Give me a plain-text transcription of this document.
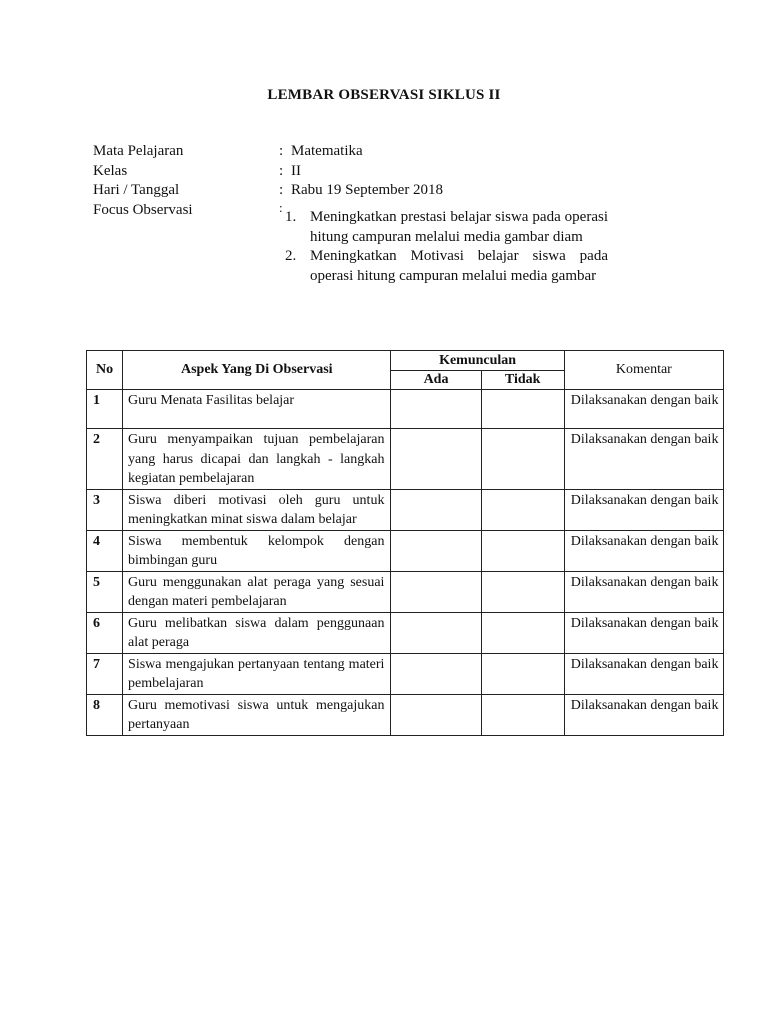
LEMBAR OBSERVASI SIKLUS II
Mata Pelajaran	: Matematika
Kelas	: II
Hari / Tanggal	: Rabu 19 September 2018
Focus Observasi	:
1. Meningkatkan prestasi belajar siswa pada operasi hitung campuran melalui media gambar diam
2. Meningkatkan Motivasi belajar siswa pada operasi hitung campuran melalui media gambar
No	Aspek Yang Di Observasi	Kemunculan		Komentar
		Ada	Tidak	
1	Guru Menata Fasilitas belajar			Dilaksanakan dengan baik
2	Guru menyampaikan tujuan pembelajaran yang harus dicapai dan langkah - langkah kegiatan pembelajaran			Dilaksanakan dengan baik
3	Siswa diberi motivasi oleh guru untuk meningkatkan minat siswa dalam belajar			Dilaksanakan dengan baik
4	Siswa membentuk kelompok dengan bimbingan guru			Dilaksanakan dengan baik
5	Guru menggunakan alat peraga yang sesuai dengan materi pembelajaran			Dilaksanakan dengan baik
6	Guru melibatkan siswa dalam penggunaan alat peraga			Dilaksanakan dengan baik
7	Siswa mengajukan pertanyaan tentang materi pembelajaran			Dilaksanakan dengan baik
8	Guru memotivasi siswa untuk mengajukan pertanyaan			Dilaksanakan dengan baik
